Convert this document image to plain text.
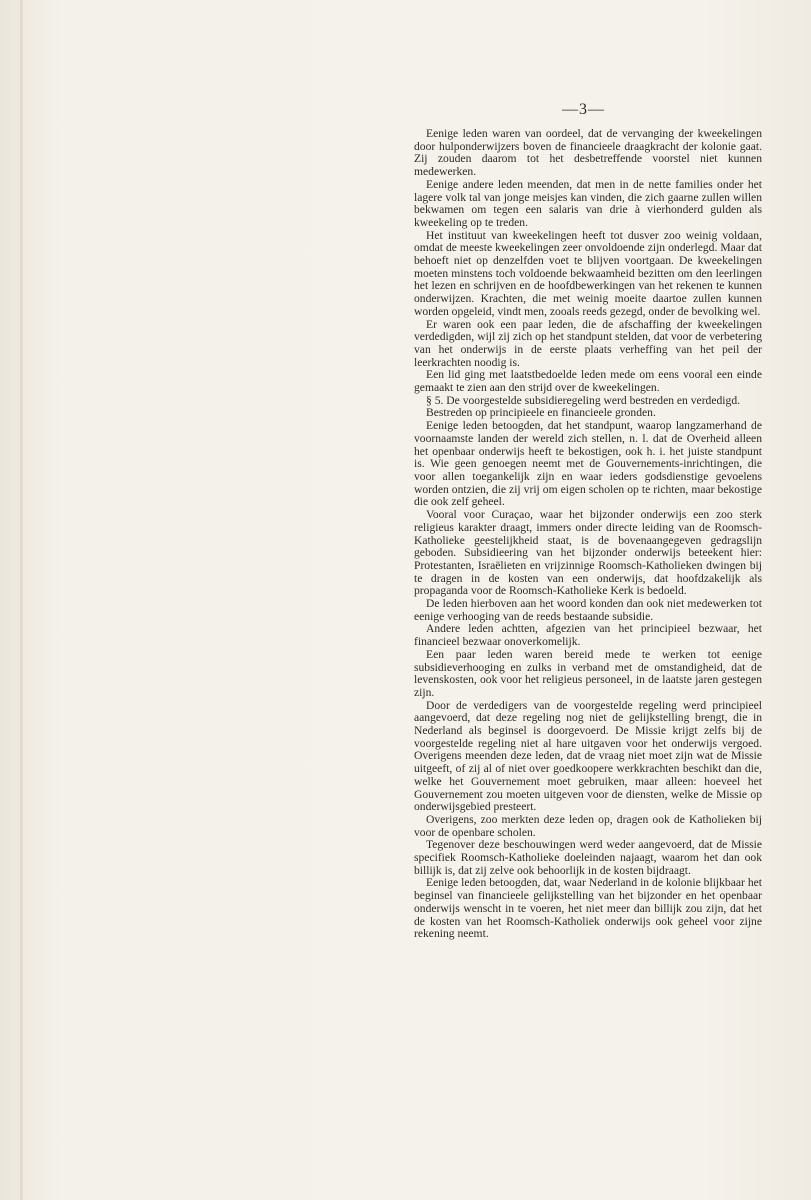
—3—

Eenige leden waren van oordeel, dat de vervanging der kweekelingen door hulponderwijzers boven de financieele draagkracht der kolonie gaat. Zij zouden daarom tot het desbetreffende voorstel niet kunnen medewerken.

Eenige andere leden meenden, dat men in de nette families onder het lagere volk tal van jonge meisjes kan vinden, die zich gaarne zullen willen bekwamen om tegen een salaris van drie à vierhonderd gulden als kweekeling op te treden.

Het instituut van kweekelingen heeft tot dusver zoo weinig voldaan, omdat de meeste kweekelingen zeer onvoldoende zijn onderlegd. Maar dat behoeft niet op denzelfden voet te blijven voortgaan. De kweekelingen moeten minstens toch voldoende bekwaamheid bezitten om den leerlingen het lezen en schrijven en de hoofdbewerkingen van het rekenen te kunnen onderwijzen. Krachten, die met weinig moeite daartoe zullen kunnen worden opgeleid, vindt men, zooals reeds gezegd, onder de bevolking wel.

Er waren ook een paar leden, die de afschaffing der kweekelingen verdedigden, wijl zij zich op het standpunt stelden, dat voor de verbetering van het onderwijs in de eerste plaats verheffing van het peil der leerkrachten noodig is.

Een lid ging met laatstbedoelde leden mede om eens vooral een einde gemaakt te zien aan den strijd over de kweekelingen.

§ 5. De voorgestelde subsidieregeling werd bestreden en verdedigd.

Bestreden op principieele en financieele gronden.

Eenige leden betoogden, dat het standpunt, waarop langzamerhand de voornaamste landen der wereld zich stellen, n. l. dat de Overheid alleen het openbaar onderwijs heeft te bekostigen, ook h. i. het juiste standpunt is. Wie geen genoegen neemt met de Gouvernements-inrichtingen, die voor allen toegankelijk zijn en waar ieders godsdienstige gevoelens worden ontzien, die zij vrij om eigen scholen op te richten, maar bekostige die ook zelf geheel.

Vooral voor Curaçao, waar het bijzonder onderwijs een zoo sterk religieus karakter draagt, immers onder directe leiding van de Roomsch-Katholieke geestelijkheid staat, is de bovenaangegeven gedragslijn geboden. Subsidieering van het bijzonder onderwijs beteekent hier: Protestanten, Israëlieten en vrijzinnige Roomsch-Katholieken dwingen bij te dragen in de kosten van een onderwijs, dat hoofdzakelijk als propaganda voor de Roomsch-Katholieke Kerk is bedoeld.

De leden hierboven aan het woord konden dan ook niet medewerken tot eenige verhooging van de reeds bestaande subsidie.

Andere leden achtten, afgezien van het principieel bezwaar, het financieel bezwaar onoverkomelijk.

Een paar leden waren bereid mede te werken tot eenige subsidieverhooging en zulks in verband met de omstandigheid, dat de levenskosten, ook voor het religieus personeel, in de laatste jaren gestegen zijn.

Door de verdedigers van de voorgestelde regeling werd principieel aangevoerd, dat deze regeling nog niet de gelijkstelling brengt, die in Nederland als beginsel is doorgevoerd. De Missie krijgt zelfs bij de voorgestelde regeling niet al hare uitgaven voor het onderwijs vergoed. Overigens meenden deze leden, dat de vraag niet moet zijn wat de Missie uitgeeft, of zij al of niet over goedkoopere werkkrachten beschikt dan die, welke het Gouvernement moet gebruiken, maar alleen: hoeveel het Gouvernement zou moeten uitgeven voor de diensten, welke de Missie op onderwijsgebied presteert.

Overigens, zoo merkten deze leden op, dragen ook de Katholieken bij voor de openbare scholen.

Tegenover deze beschouwingen werd weder aangevoerd, dat de Missie specifiek Roomsch-Katholieke doeleinden najaagt, waarom het dan ook billijk is, dat zij zelve ook behoorlijk in de kosten bijdraagt.

Eenige leden betoogden, dat, waar Nederland in de kolonie blijkbaar het beginsel van financieele gelijkstelling van het bijzonder en het openbaar onderwijs wenscht in te voeren, het niet meer dan billijk zou zijn, dat het de kosten van het Roomsch-Katholiek onderwijs ook geheel voor zijne rekening neemt.
